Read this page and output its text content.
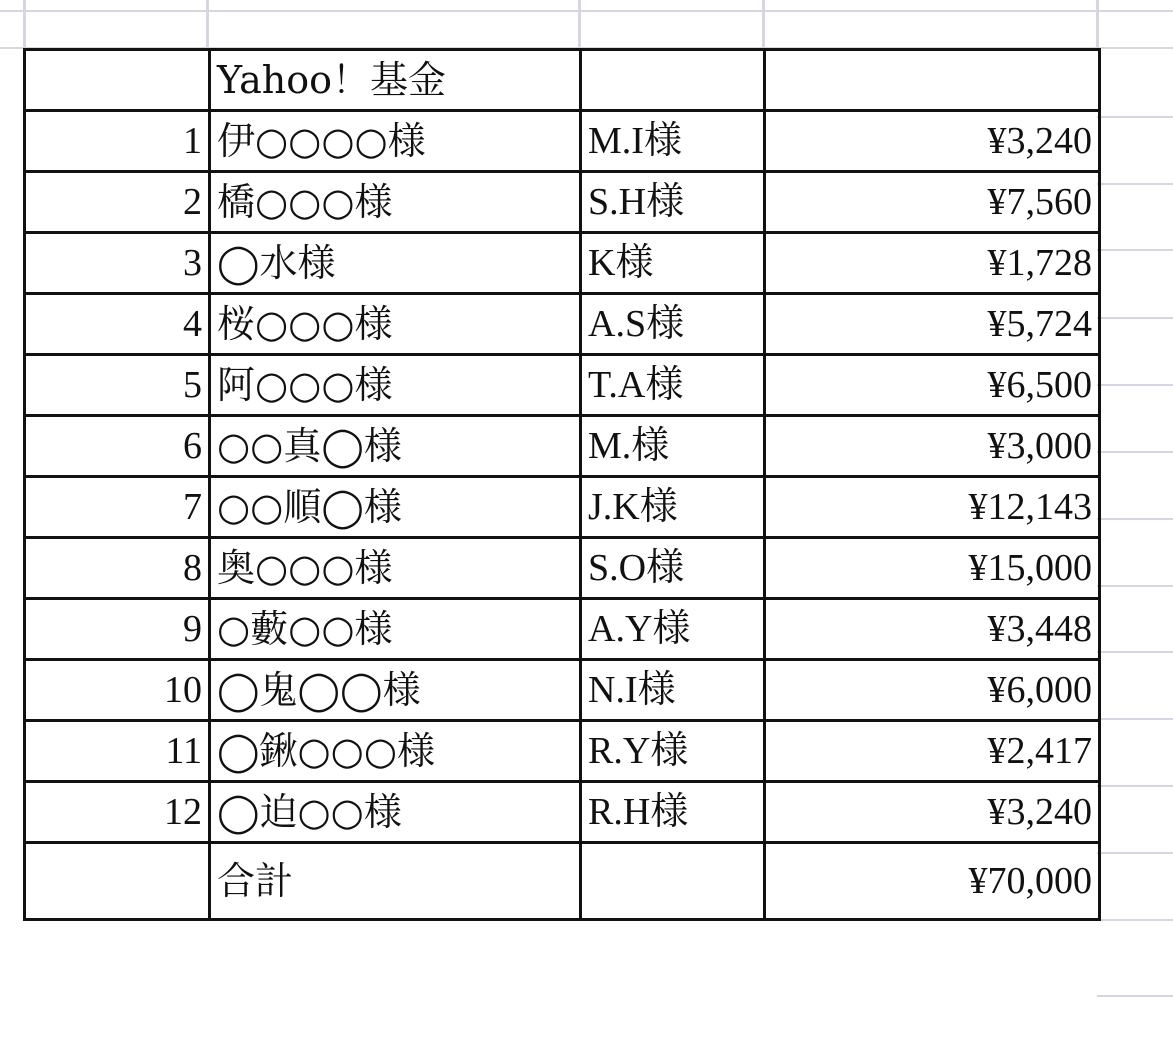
	Yahoo！基金		
1	伊○○○○様	M.I様	¥3,240
2	橋○○○様	S.H様	¥7,560
3	◯水様	K様	¥1,728
4	桜○○○様	A.S様	¥5,724
5	阿○○○様	T.A様	¥6,500
6	○○真◯様	M.様	¥3,000
7	○○順◯様	J.K様	¥12,143
8	奥○○○様	S.O様	¥15,000
9	○藪○○様	A.Y様	¥3,448
10	◯鬼◯◯様	N.I様	¥6,000
11	◯鍬○○○様	R.Y様	¥2,417
12	◯迫○○様	R.H様	¥3,240
	合計		¥70,000
